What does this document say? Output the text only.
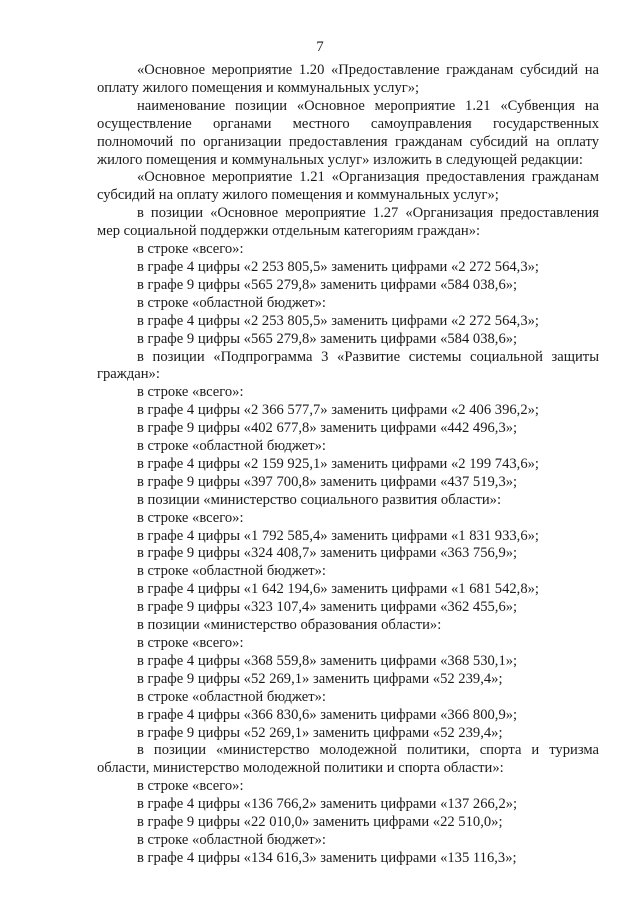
7

«Основное мероприятие 1.20 «Предоставление гражданам субсидий на оплату жилого помещения и коммунальных услуг»;

наименование позиции «Основное мероприятие 1.21 «Субвенция на осуществление органами местного самоуправления государственных полномочий по организации предоставления гражданам субсидий на оплату жилого помещения и коммунальных услуг» изложить в следующей редакции:

«Основное мероприятие 1.21 «Организация предоставления гражданам субсидий на оплату жилого помещения и коммунальных услуг»;

в позиции «Основное мероприятие 1.27 «Организация предоставления мер социальной поддержки отдельным категориям граждан»:

в строке «всего»:

в графе 4 цифры «2 253 805,5» заменить цифрами «2 272 564,3»;

в графе 9 цифры «565 279,8» заменить цифрами «584 038,6»;

в строке «областной бюджет»:

в графе 4 цифры «2 253 805,5» заменить цифрами «2 272 564,3»;

в графе 9 цифры «565 279,8» заменить цифрами «584 038,6»;

в позиции «Подпрограмма 3 «Развитие системы социальной защиты граждан»:

в строке «всего»:

в графе 4 цифры «2 366 577,7» заменить цифрами «2 406 396,2»;

в графе 9 цифры «402 677,8» заменить цифрами «442 496,3»;

в строке «областной бюджет»:

в графе 4 цифры «2 159 925,1» заменить цифрами «2 199 743,6»;

в графе 9 цифры «397 700,8» заменить цифрами «437 519,3»;

в позиции «министерство социального развития области»:

в строке «всего»:

в графе 4 цифры «1 792 585,4» заменить цифрами «1 831 933,6»;

в графе 9 цифры «324 408,7» заменить цифрами «363 756,9»;

в строке «областной бюджет»:

в графе 4 цифры «1 642 194,6» заменить цифрами «1 681 542,8»;

в графе 9 цифры «323 107,4» заменить цифрами «362 455,6»;

в позиции «министерство образования области»:

в строке «всего»:

в графе 4 цифры «368 559,8» заменить цифрами «368 530,1»;

в графе 9 цифры «52 269,1» заменить цифрами «52 239,4»;

в строке «областной бюджет»:

в графе 4 цифры «366 830,6» заменить цифрами «366 800,9»;

в графе 9 цифры «52 269,1» заменить цифрами «52 239,4»;

в позиции «министерство молодежной политики, спорта и туризма области, министерство молодежной политики и спорта области»:

в строке «всего»:

в графе 4 цифры «136 766,2» заменить цифрами «137 266,2»;

в графе 9 цифры «22 010,0» заменить цифрами «22 510,0»;

в строке «областной бюджет»:

в графе 4 цифры «134 616,3» заменить цифрами «135 116,3»;
